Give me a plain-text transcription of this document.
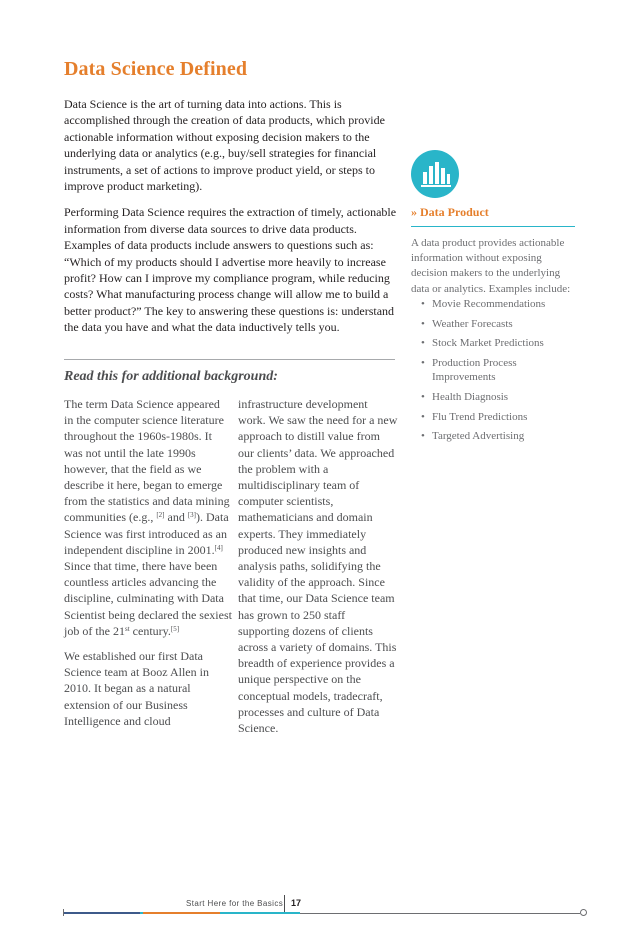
Data Science Defined

Data Science is the art of turning data into actions. This is accomplished through the creation of data products, which provide actionable information without exposing decision makers to the underlying data or analytics (e.g., buy/sell strategies for financial instruments, a set of actions to improve product yield, or steps to improve product marketing).

Performing Data Science requires the extraction of timely, actionable information from diverse data sources to drive data products. Examples of data products include answers to questions such as: “Which of my products should I advertise more heavily to increase profit? How can I improve my compliance program, while reducing costs? What manufacturing process change will allow me to build a better product?” The key to answering these questions is: understand the data you have and what the data inductively tells you.

Read this for additional background:

The term Data Science appeared in the computer science literature throughout the 1960s-1980s. It was not until the late 1990s however, that the field as we describe it here, began to emerge from the statistics and data mining communities (e.g., [2] and [3]). Data Science was first introduced as an independent discipline in 2001.[4] Since that time, there have been countless articles advancing the discipline, culminating with Data Scientist being declared the sexiest job of the 21st century.[5]

We established our first Data Science team at Booz Allen in 2010. It began as a natural extension of our Business Intelligence and cloud

infrastructure development work. We saw the need for a new approach to distill value from our clients’ data. We approached the problem with a multidisciplinary team of computer scientists, mathematicians and domain experts. They immediately produced new insights and analysis paths, solidifying the validity of the approach. Since that time, our Data Science team has grown to 250 staff supporting dozens of clients across a variety of domains. This breadth of experience provides a unique perspective on the conceptual models, tradecraft, processes and culture of Data Science.

» Data Product

A data product provides actionable information without exposing decision makers to the underlying data or analytics. Examples include:

• Movie Recommendations
• Weather Forecasts
• Stock Market Predictions
• Production Process Improvements
• Health Diagnosis
• Flu Trend Predictions
• Targeted Advertising
Start Here for the Basics 17
